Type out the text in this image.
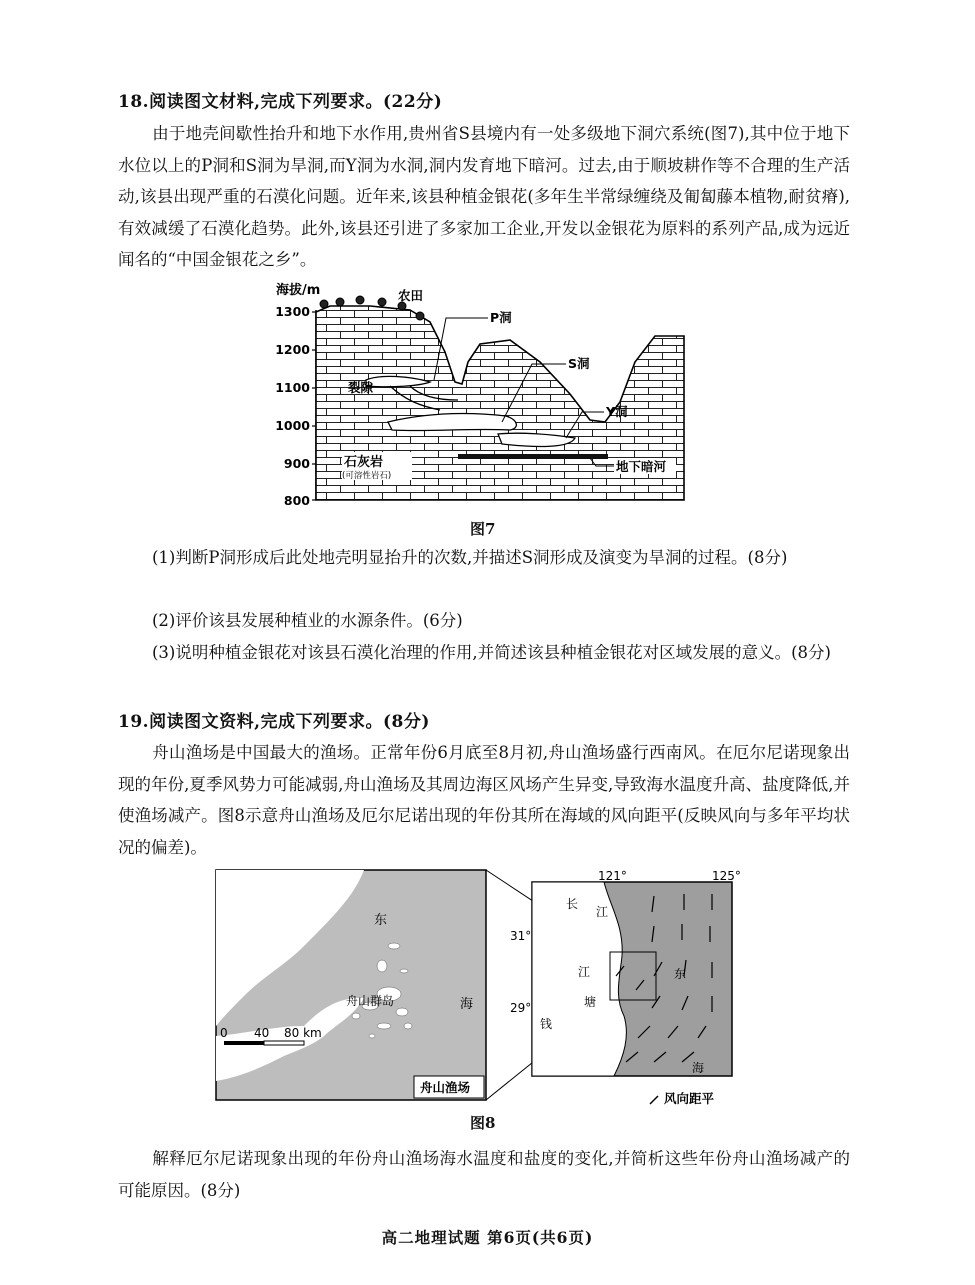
18.阅读图文材料,完成下列要求。(22分)

由于地壳间歇性抬升和地下水作用,贵州省S县境内有一处多级地下洞穴系统(图7),其中位于地下水位以上的P洞和S洞为旱洞,而Y洞为水洞,洞内发育地下暗河。过去,由于顺坡耕作等不合理的生产活动,该县出现严重的石漠化问题。近年来,该县种植金银花(多年生半常绿缠绕及匍匐藤本植物,耐贫瘠),有效减缓了石漠化趋势。此外,该县还引进了多家加工企业,开发以金银花为原料的系列产品,成为远近闻名的“中国金银花之乡”。

海拔/m
1300
1200
1100
1000
900
800
农田
P洞
S洞
Y洞
裂隙
石灰岩
(可溶性岩石)
地下暗河
图7

(1)判断P洞形成后此处地壳明显抬升的次数,并描述S洞形成及演变为旱洞的过程。(8分)

(2)评价该县发展种植业的水源条件。(6分)

(3)说明种植金银花对该县石漠化治理的作用,并简述该县种植金银花对区域发展的意义。(8分)

19.阅读图文资料,完成下列要求。(8分)

舟山渔场是中国最大的渔场。正常年份6月底至8月初,舟山渔场盛行西南风。在厄尔尼诺现象出现的年份,夏季风势力可能减弱,舟山渔场及其周边海区风场产生异变,导致海水温度升高、盐度降低,并使渔场减产。图8示意舟山渔场及厄尔尼诺出现的年份其所在海域的风向距平(反映风向与多年平均状况的偏差)。

东
海
舟山群岛
0 40 80 km
舟山渔场
121°	125°
31°
29°
长
江
江
塘
钱
东
海
风向距平
图8

解释厄尔尼诺现象出现的年份舟山渔场海水温度和盐度的变化,并简析这些年份舟山渔场减产的可能原因。(8分)

高二地理试题 第6页(共6页)
